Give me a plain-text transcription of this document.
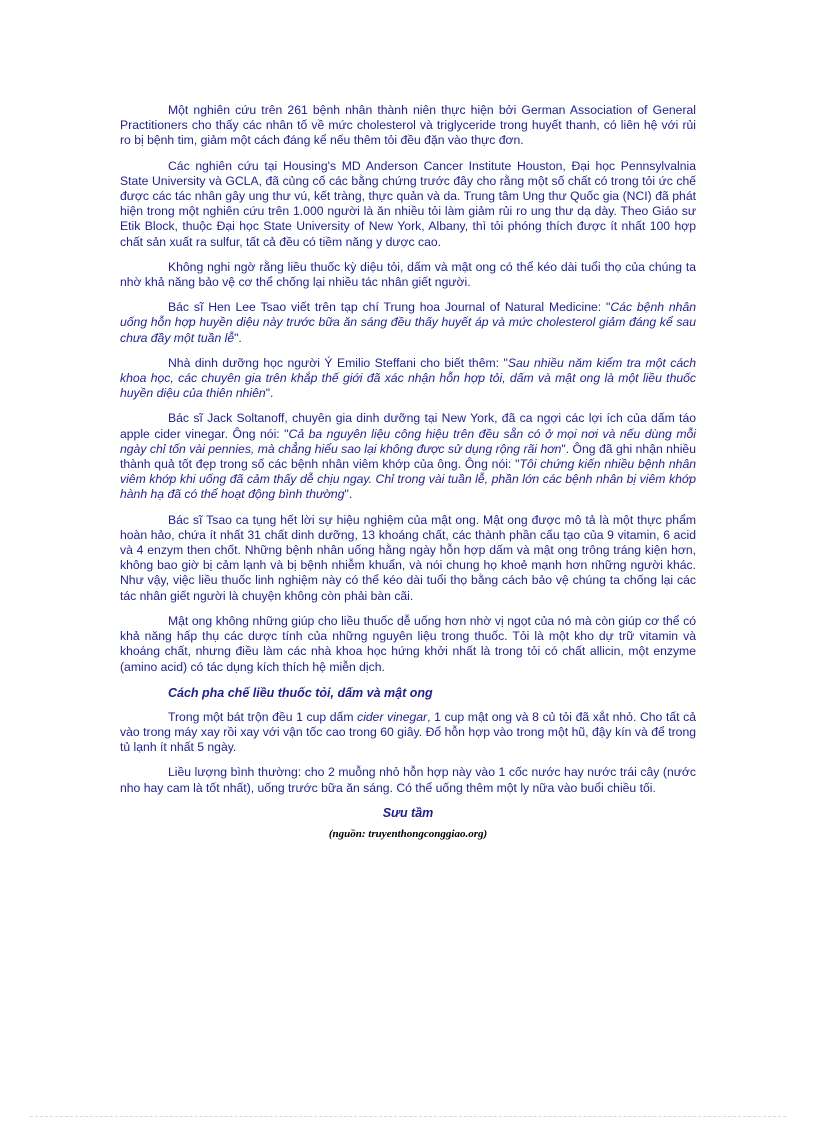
Một nghiên cứu trên 261 bệnh nhân thành niên thực hiện bởi German Association of General Practitioners cho thấy các nhân tố về mức cholesterol và triglyceride trong huyết thanh, có liên hệ với rủi ro bị bệnh tim, giảm một cách đáng kể nếu thêm tỏi đều đặn vào thực đơn.

Các nghiên cứu tại Housing's MD Anderson Cancer Institute Houston, Đại học Pennsylvalnia State University và GCLA, đã củng cố các bằng chứng trước đây cho rằng một số chất có trong tỏi ức chế được các tác nhân gây ung thư vú, kết tràng, thực quản và da. Trung tâm Ung thư Quốc gia (NCI) đã phát hiện trong một nghiên cứu trên 1.000 người là ăn nhiều tỏi làm giảm rủi ro ung thư dạ dày. Theo Giáo sư Etik Block, thuộc Đại học State University of New York, Albany, thì tỏi phóng thích được ít nhất 100 hợp chất sản xuất ra sulfur, tất cả đều có tiềm năng y dược cao.

Không nghi ngờ rằng liều thuốc kỳ diệu tỏi, dấm và mật ong có thể kéo dài tuổi thọ của chúng ta nhờ khả năng bảo vệ cơ thể chống lại nhiều tác nhân giết người.

Bác sĩ Hen Lee Tsao viết trên tạp chí Trung hoa Journal of Natural Medicine: "Các bệnh nhân uống hỗn hợp huyền diệu này trước bữa ăn sáng đều thấy huyết áp và mức cholesterol giảm đáng kể sau chưa đầy một tuần lễ".

Nhà dinh dưỡng học người Ý Emilio Steffani cho biết thêm: "Sau nhiều năm kiểm tra một cách khoa học, các chuyên gia trên khắp thế giới đã xác nhận hỗn hợp tỏi, dấm và mật ong là một liều thuốc huyền diệu của thiên nhiên".

Bác sĩ Jack Soltanoff, chuyên gia dinh dưỡng tại New York, đã ca ngợi các lợi ích của dấm táo apple cider vinegar. Ông nói: "Cả ba nguyên liệu công hiệu trên đều sẵn có ở mọi nơi và nếu dùng mỗi ngày chỉ tốn vài pennies, mà chẳng hiểu sao lại không được sử dụng rộng rãi hơn". Ông đã ghi nhận nhiều thành quả tốt đẹp trong số các bệnh nhân viêm khớp của ông. Ông nói: "Tôi chứng kiến nhiều bệnh nhân viêm khớp khi uống đã cảm thấy dễ chịu ngay. Chỉ trong vài tuần lễ, phần lớn các bệnh nhân bị viêm khớp hành hạ đã có thể hoạt động bình thường".

Bác sĩ Tsao ca tụng hết lời sự hiệu nghiệm của mật ong. Mật ong được mô tả là một thực phẩm hoàn hảo, chứa ít nhất 31 chất dinh dưỡng, 13 khoáng chất, các thành phần cấu tạo của 9 vitamin, 6 acid và 4 enzym then chốt. Những bệnh nhân uống hằng ngày hỗn hợp dấm và mật ong trông tráng kiện hơn, không bao giờ bị cảm lạnh và bị bệnh nhiễm khuẩn, và nói chung họ khoẻ mạnh hơn những người khác. Như vậy, việc liều thuốc linh nghiệm này có thể kéo dài tuổi thọ bằng cách bảo vệ chúng ta chống lại các tác nhân giết người là chuyện không còn phải bàn cãi.

Mật ong không những giúp cho liều thuốc dễ uống hơn nhờ vị ngọt của nó mà còn giúp cơ thể có khả năng hấp thụ các dược tính của những nguyên liệu trong thuốc. Tỏi là một kho dự trữ vitamin và khoáng chất, nhưng điều làm các nhà khoa học hứng khởi nhất là trong tỏi có chất allicin, một enzyme (amino acid) có tác dụng kích thích hệ miễn dịch.

Cách pha chế liều thuốc tỏi, dấm và mật ong

Trong một bát trộn đều 1 cup dấm cider vinegar, 1 cup mật ong và 8 củ tỏi đã xắt nhỏ. Cho tất cả vào trong máy xay rồi xay với vận tốc cao trong 60 giây. Đổ hỗn hợp vào trong một hũ, đậy kín và để trong tủ lạnh ít nhất 5 ngày.

Liều lượng bình thường: cho 2 muỗng nhỏ hỗn hợp này vào 1 cốc nước hay nước trái cây (nước nho hay cam là tốt nhất), uống trước bữa ăn sáng. Có thể uống thêm một ly nữa vào buổi chiều tối.

Sưu tầm
(nguồn: truyenthongconggiao.org)
